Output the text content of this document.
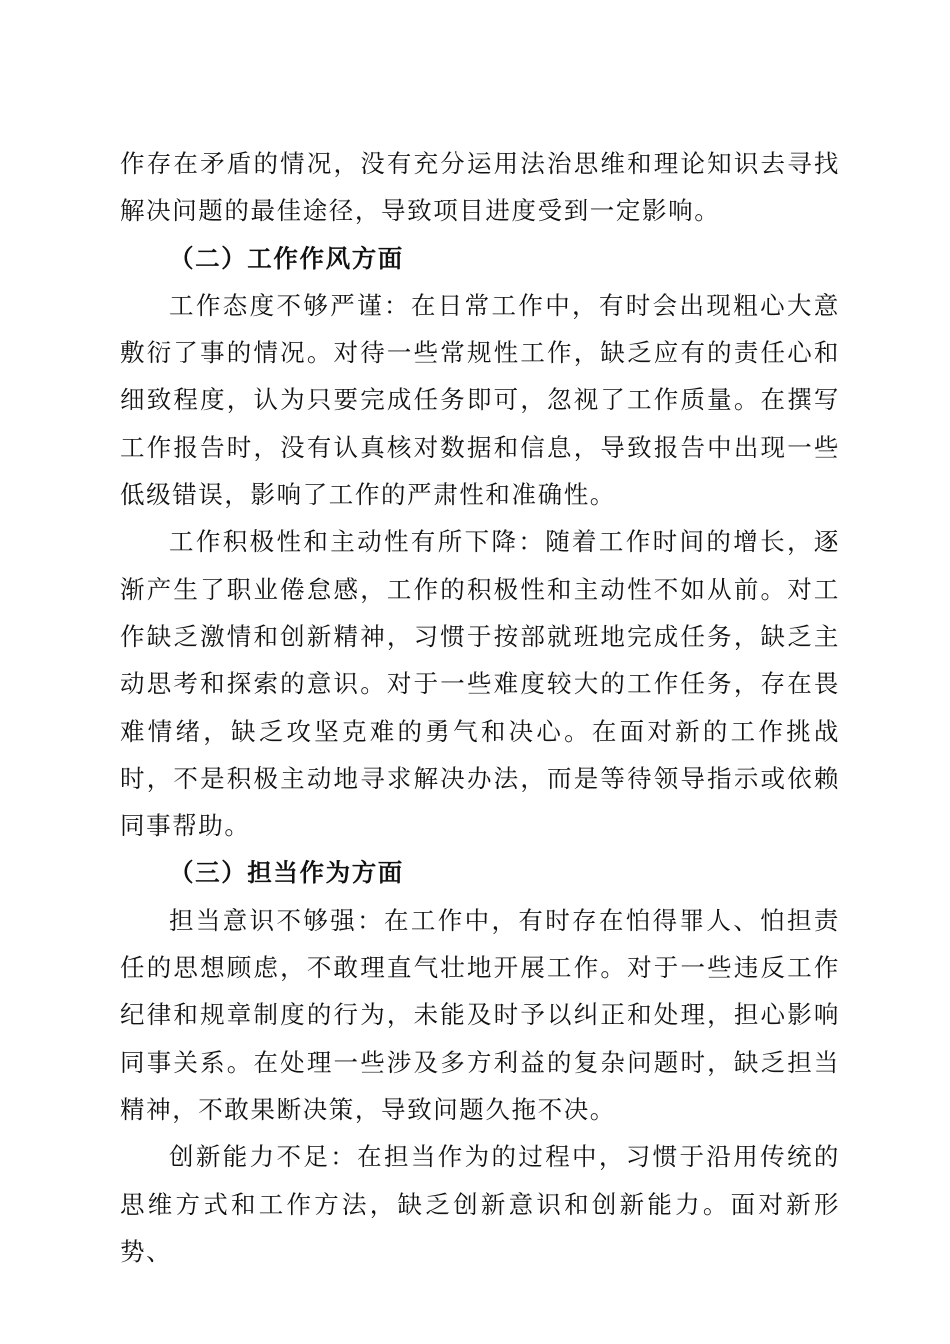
作存在矛盾的情况，没有充分运用法治思维和理论知识去寻找解决问题的最佳途径，导致项目进度受到一定影响。

（二）工作作风方面

工作态度不够严谨：在日常工作中，有时会出现粗心大意敷衍了事的情况。对待一些常规性工作，缺乏应有的责任心和细致程度，认为只要完成任务即可，忽视了工作质量。在撰写工作报告时，没有认真核对数据和信息，导致报告中出现一些低级错误，影响了工作的严肃性和准确性。

工作积极性和主动性有所下降：随着工作时间的增长，逐渐产生了职业倦怠感，工作的积极性和主动性不如从前。对工作缺乏激情和创新精神，习惯于按部就班地完成任务，缺乏主动思考和探索的意识。对于一些难度较大的工作任务，存在畏难情绪，缺乏攻坚克难的勇气和决心。在面对新的工作挑战时，不是积极主动地寻求解决办法，而是等待领导指示或依赖同事帮助。

（三）担当作为方面

担当意识不够强：在工作中，有时存在怕得罪人、怕担责任的思想顾虑，不敢理直气壮地开展工作。对于一些违反工作纪律和规章制度的行为，未能及时予以纠正和处理，担心影响同事关系。在处理一些涉及多方利益的复杂问题时，缺乏担当精神，不敢果断决策，导致问题久拖不决。

创新能力不足：在担当作为的过程中，习惯于沿用传统的思维方式和工作方法，缺乏创新意识和创新能力。面对新形势、
